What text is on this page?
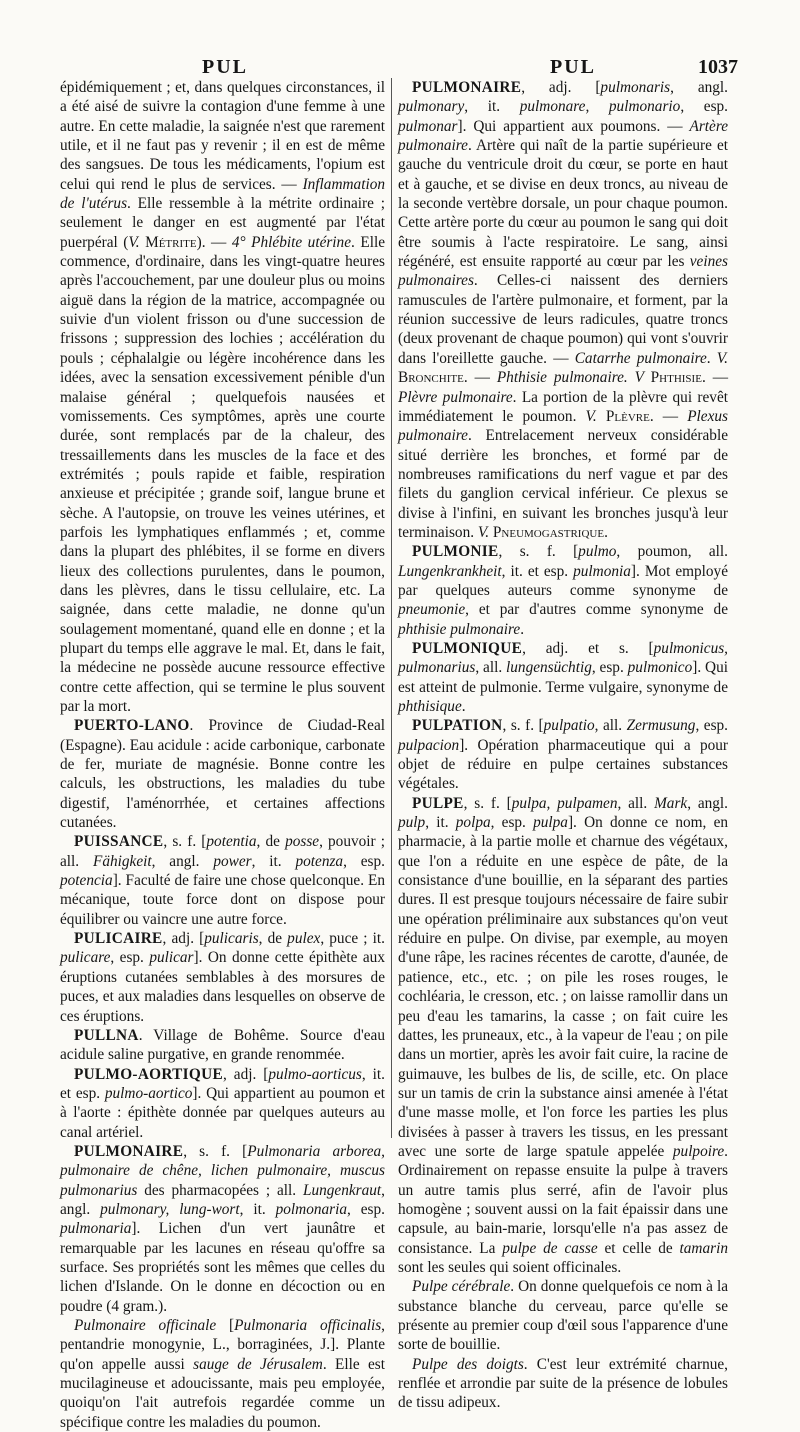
PUL	PUL	1037

épidémiquement ; et, dans quelques circonstances, il a été aisé de suivre la contagion d'une femme à une autre. En cette maladie, la saignée n'est que rarement utile, et il ne faut pas y revenir ; il en est de même des sangsues. De tous les médicaments, l'opium est celui qui rend le plus de services. — Inflammation de l'utérus. Elle ressemble à la métrite ordinaire ; seulement le danger en est augmenté par l'état puerpéral (V. Métrite). — 4° Phlébite utérine. Elle commence, d'ordinaire, dans les vingt-quatre heures après l'accouchement, par une douleur plus ou moins aiguë dans la région de la matrice, accompagnée ou suivie d'un violent frisson ou d'une succession de frissons ; suppression des lochies ; accélération du pouls ; céphalalgie ou légère incohérence dans les idées, avec la sensation excessivement pénible d'un malaise général ; quelquefois nausées et vomissements. Ces symptômes, après une courte durée, sont remplacés par de la chaleur, des tressaillements dans les muscles de la face et des extrémités ; pouls rapide et faible, respiration anxieuse et précipitée ; grande soif, langue brune et sèche. A l'autopsie, on trouve les veines utérines, et parfois les lymphatiques enflammés ; et, comme dans la plupart des phlébites, il se forme en divers lieux des collections purulentes, dans le poumon, dans les plèvres, dans le tissu cellulaire, etc. La saignée, dans cette maladie, ne donne qu'un soulagement momentané, quand elle en donne ; et la plupart du temps elle aggrave le mal. Et, dans le fait, la médecine ne possède aucune ressource effective contre cette affection, qui se termine le plus souvent par la mort.

PUERTO-LANO. Province de Ciudad-Real (Espagne). Eau acidule : acide carbonique, carbonate de fer, muriate de magnésie. Bonne contre les calculs, les obstructions, les maladies du tube digestif, l'aménorrhée, et certaines affections cutanées.

PUISSANCE, s. f. [potentia, de posse, pouvoir ; all. Fähigkeit, angl. power, it. potenza, esp. potencia]. Faculté de faire une chose quelconque. En mécanique, toute force dont on dispose pour équilibrer ou vaincre une autre force.

PULICAIRE, adj. [pulicaris, de pulex, puce ; it. pulicare, esp. pulicar]. On donne cette épithète aux éruptions cutanées semblables à des morsures de puces, et aux maladies dans lesquelles on observe de ces éruptions.

PULLNA. Village de Bohême. Source d'eau acidule saline purgative, en grande renommée.

PULMO-AORTIQUE, adj. [pulmo-aorticus, it. et esp. pulmo-aortico]. Qui appartient au poumon et à l'aorte : épithète donnée par quelques auteurs au canal artériel.

PULMONAIRE, s. f. [Pulmonaria arborea, pulmonaire de chêne, lichen pulmonaire, muscus pulmonarius des pharmacopées ; all. Lungenkraut, angl. pulmonary, lung-wort, it. polmonaria, esp. pulmonaria]. Lichen d'un vert jaunâtre et remarquable par les lacunes en réseau qu'offre sa surface. Ses propriétés sont les mêmes que celles du lichen d'Islande. On le donne en décoction ou en poudre (4 gram.).

Pulmonaire officinale [Pulmonaria officinalis, pentandrie monogynie, L., borraginées, J.]. Plante qu'on appelle aussi sauge de Jérusalem. Elle est mucilagineuse et adoucissante, mais peu employée, quoiqu'on l'ait autrefois regardée comme un spécifique contre les maladies du poumon.

PULMONAIRE, adj. [pulmonaris, angl. pulmonary, it. pulmonare, pulmonario, esp. pulmonar]. Qui appartient aux poumons. — Artère pulmonaire. Artère qui naît de la partie supérieure et gauche du ventricule droit du cœur, se porte en haut et à gauche, et se divise en deux troncs, au niveau de la seconde vertèbre dorsale, un pour chaque poumon. Cette artère porte du cœur au poumon le sang qui doit être soumis à l'acte respiratoire. Le sang, ainsi régénéré, est ensuite rapporté au cœur par les veines pulmonaires. Celles-ci naissent des derniers ramuscules de l'artère pulmonaire, et forment, par la réunion successive de leurs radicules, quatre troncs (deux provenant de chaque poumon) qui vont s'ouvrir dans l'oreillette gauche. — Catarrhe pulmonaire. V. Bronchite. — Phthisie pulmonaire. V Phthisie. — Plèvre pulmonaire. La portion de la plèvre qui revêt immédiatement le poumon. V. Plèvre. — Plexus pulmonaire. Entrelacement nerveux considérable situé derrière les bronches, et formé par de nombreuses ramifications du nerf vague et par des filets du ganglion cervical inférieur. Ce plexus se divise à l'infini, en suivant les bronches jusqu'à leur terminaison. V. Pneumogastrique.

PULMONIE, s. f. [pulmo, poumon, all. Lungenkrankheit, it. et esp. pulmonia]. Mot employé par quelques auteurs comme synonyme de pneumonie, et par d'autres comme synonyme de phthisie pulmonaire.

PULMONIQUE, adj. et s. [pulmonicus, pulmonarius, all. lungensüchtig, esp. pulmonico]. Qui est atteint de pulmonie. Terme vulgaire, synonyme de phthisique.

PULPATION, s. f. [pulpatio, all. Zermusung, esp. pulpacion]. Opération pharmaceutique qui a pour objet de réduire en pulpe certaines substances végétales.

PULPE, s. f. [pulpa, pulpamen, all. Mark, angl. pulp, it. polpa, esp. pulpa]. On donne ce nom, en pharmacie, à la partie molle et charnue des végétaux, que l'on a réduite en une espèce de pâte, de la consistance d'une bouillie, en la séparant des parties dures. Il est presque toujours nécessaire de faire subir une opération préliminaire aux substances qu'on veut réduire en pulpe. On divise, par exemple, au moyen d'une râpe, les racines récentes de carotte, d'aunée, de patience, etc., etc. ; on pile les roses rouges, le cochléaria, le cresson, etc. ; on laisse ramollir dans un peu d'eau les tamarins, la casse ; on fait cuire les dattes, les pruneaux, etc., à la vapeur de l'eau ; on pile dans un mortier, après les avoir fait cuire, la racine de guimauve, les bulbes de lis, de scille, etc. On place sur un tamis de crin la substance ainsi amenée à l'état d'une masse molle, et l'on force les parties les plus divisées à passer à travers les tissus, en les pressant avec une sorte de large spatule appelée pulpoire. Ordinairement on repasse ensuite la pulpe à travers un autre tamis plus serré, afin de l'avoir plus homogène ; souvent aussi on la fait épaissir dans une capsule, au bain-marie, lorsqu'elle n'a pas assez de consistance. La pulpe de casse et celle de tamarin sont les seules qui soient officinales.

Pulpe cérébrale. On donne quelquefois ce nom à la substance blanche du cerveau, parce qu'elle se présente au premier coup d'œil sous l'apparence d'une sorte de bouillie.

Pulpe des doigts. C'est leur extrémité charnue, renflée et arrondie par suite de la présence de lobules de tissu adipeux.
